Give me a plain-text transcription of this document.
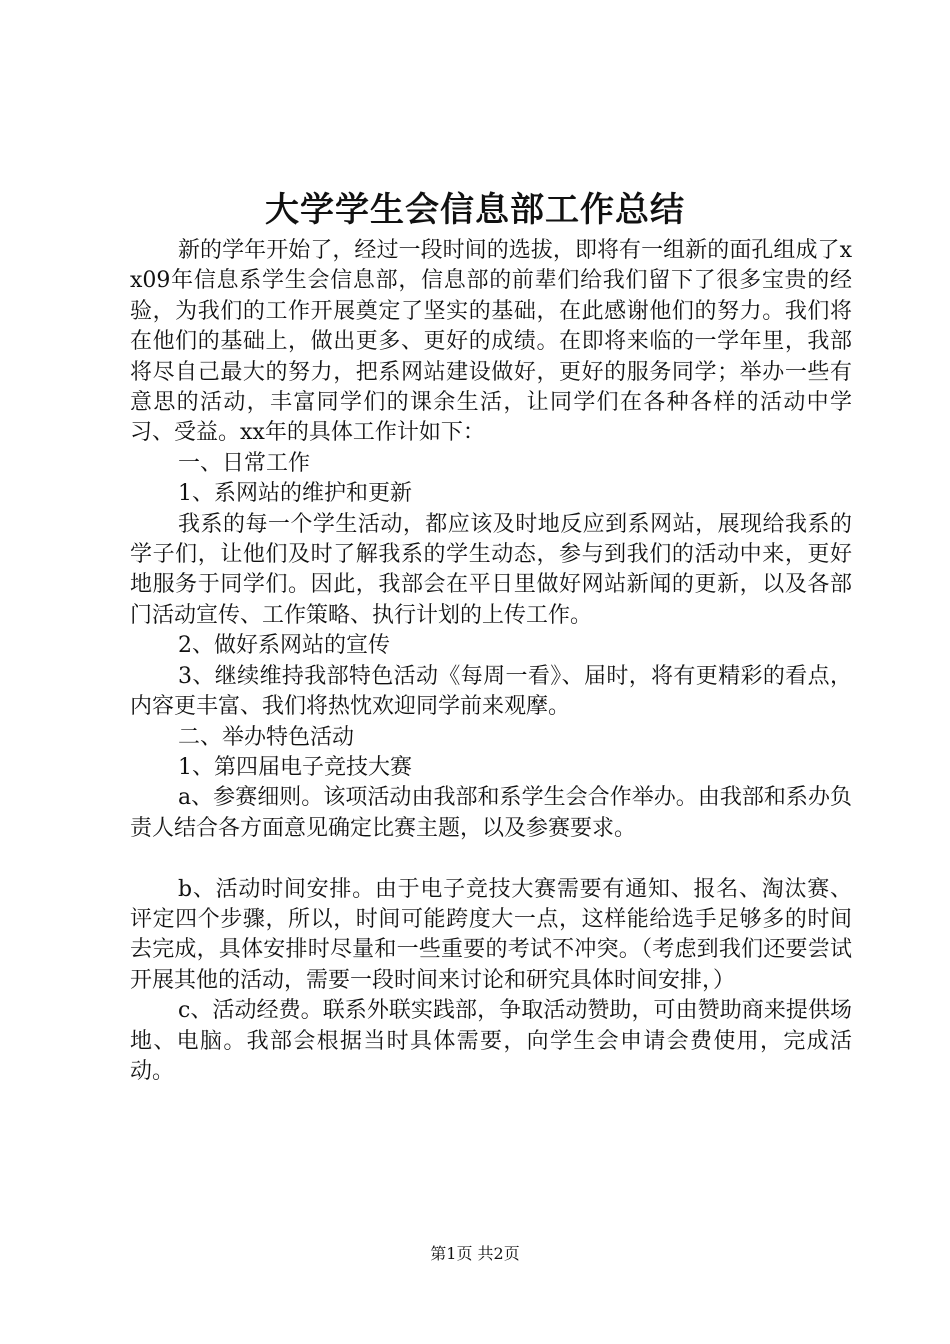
大学学生会信息部工作总结

新的学年开始了，经过一段时间的选拔，即将有一组新的面孔组成了xx09年信息系学生会信息部，信息部的前辈们给我们留下了很多宝贵的经验，为我们的工作开展奠定了坚实的基础，在此感谢他们的努力。我们将在他们的基础上，做出更多、更好的成绩。在即将来临的一学年里，我部将尽自己最大的努力，把系网站建设做好，更好的服务同学；举办一些有意思的活动，丰富同学们的课余生活，让同学们在各种各样的活动中学习、受益。xx年的具体工作计如下：

一、日常工作

1、系网站的维护和更新

我系的每一个学生活动，都应该及时地反应到系网站，展现给我系的学子们，让他们及时了解我系的学生动态，参与到我们的活动中来，更好地服务于同学们。因此，我部会在平日里做好网站新闻的更新，以及各部门活动宣传、工作策略、执行计划的上传工作。

2、做好系网站的宣传

3、继续维持我部特色活动《每周一看》、届时，将有更精彩的看点，内容更丰富、我们将热忱欢迎同学前来观摩。

二、举办特色活动

1、第四届电子竞技大赛

a、参赛细则。该项活动由我部和系学生会合作举办。由我部和系办负责人结合各方面意见确定比赛主题，以及参赛要求。

b、活动时间安排。由于电子竞技大赛需要有通知、报名、淘汰赛、评定四个步骤，所以，时间可能跨度大一点，这样能给选手足够多的时间去完成，具体安排时尽量和一些重要的考试不冲突。（考虑到我们还要尝试开展其他的活动，需要一段时间来讨论和研究具体时间安排，）

c、活动经费。联系外联实践部，争取活动赞助，可由赞助商来提供场地、电脑。我部会根据当时具体需要，向学生会申请会费使用，完成活动。

第1页 共2页
